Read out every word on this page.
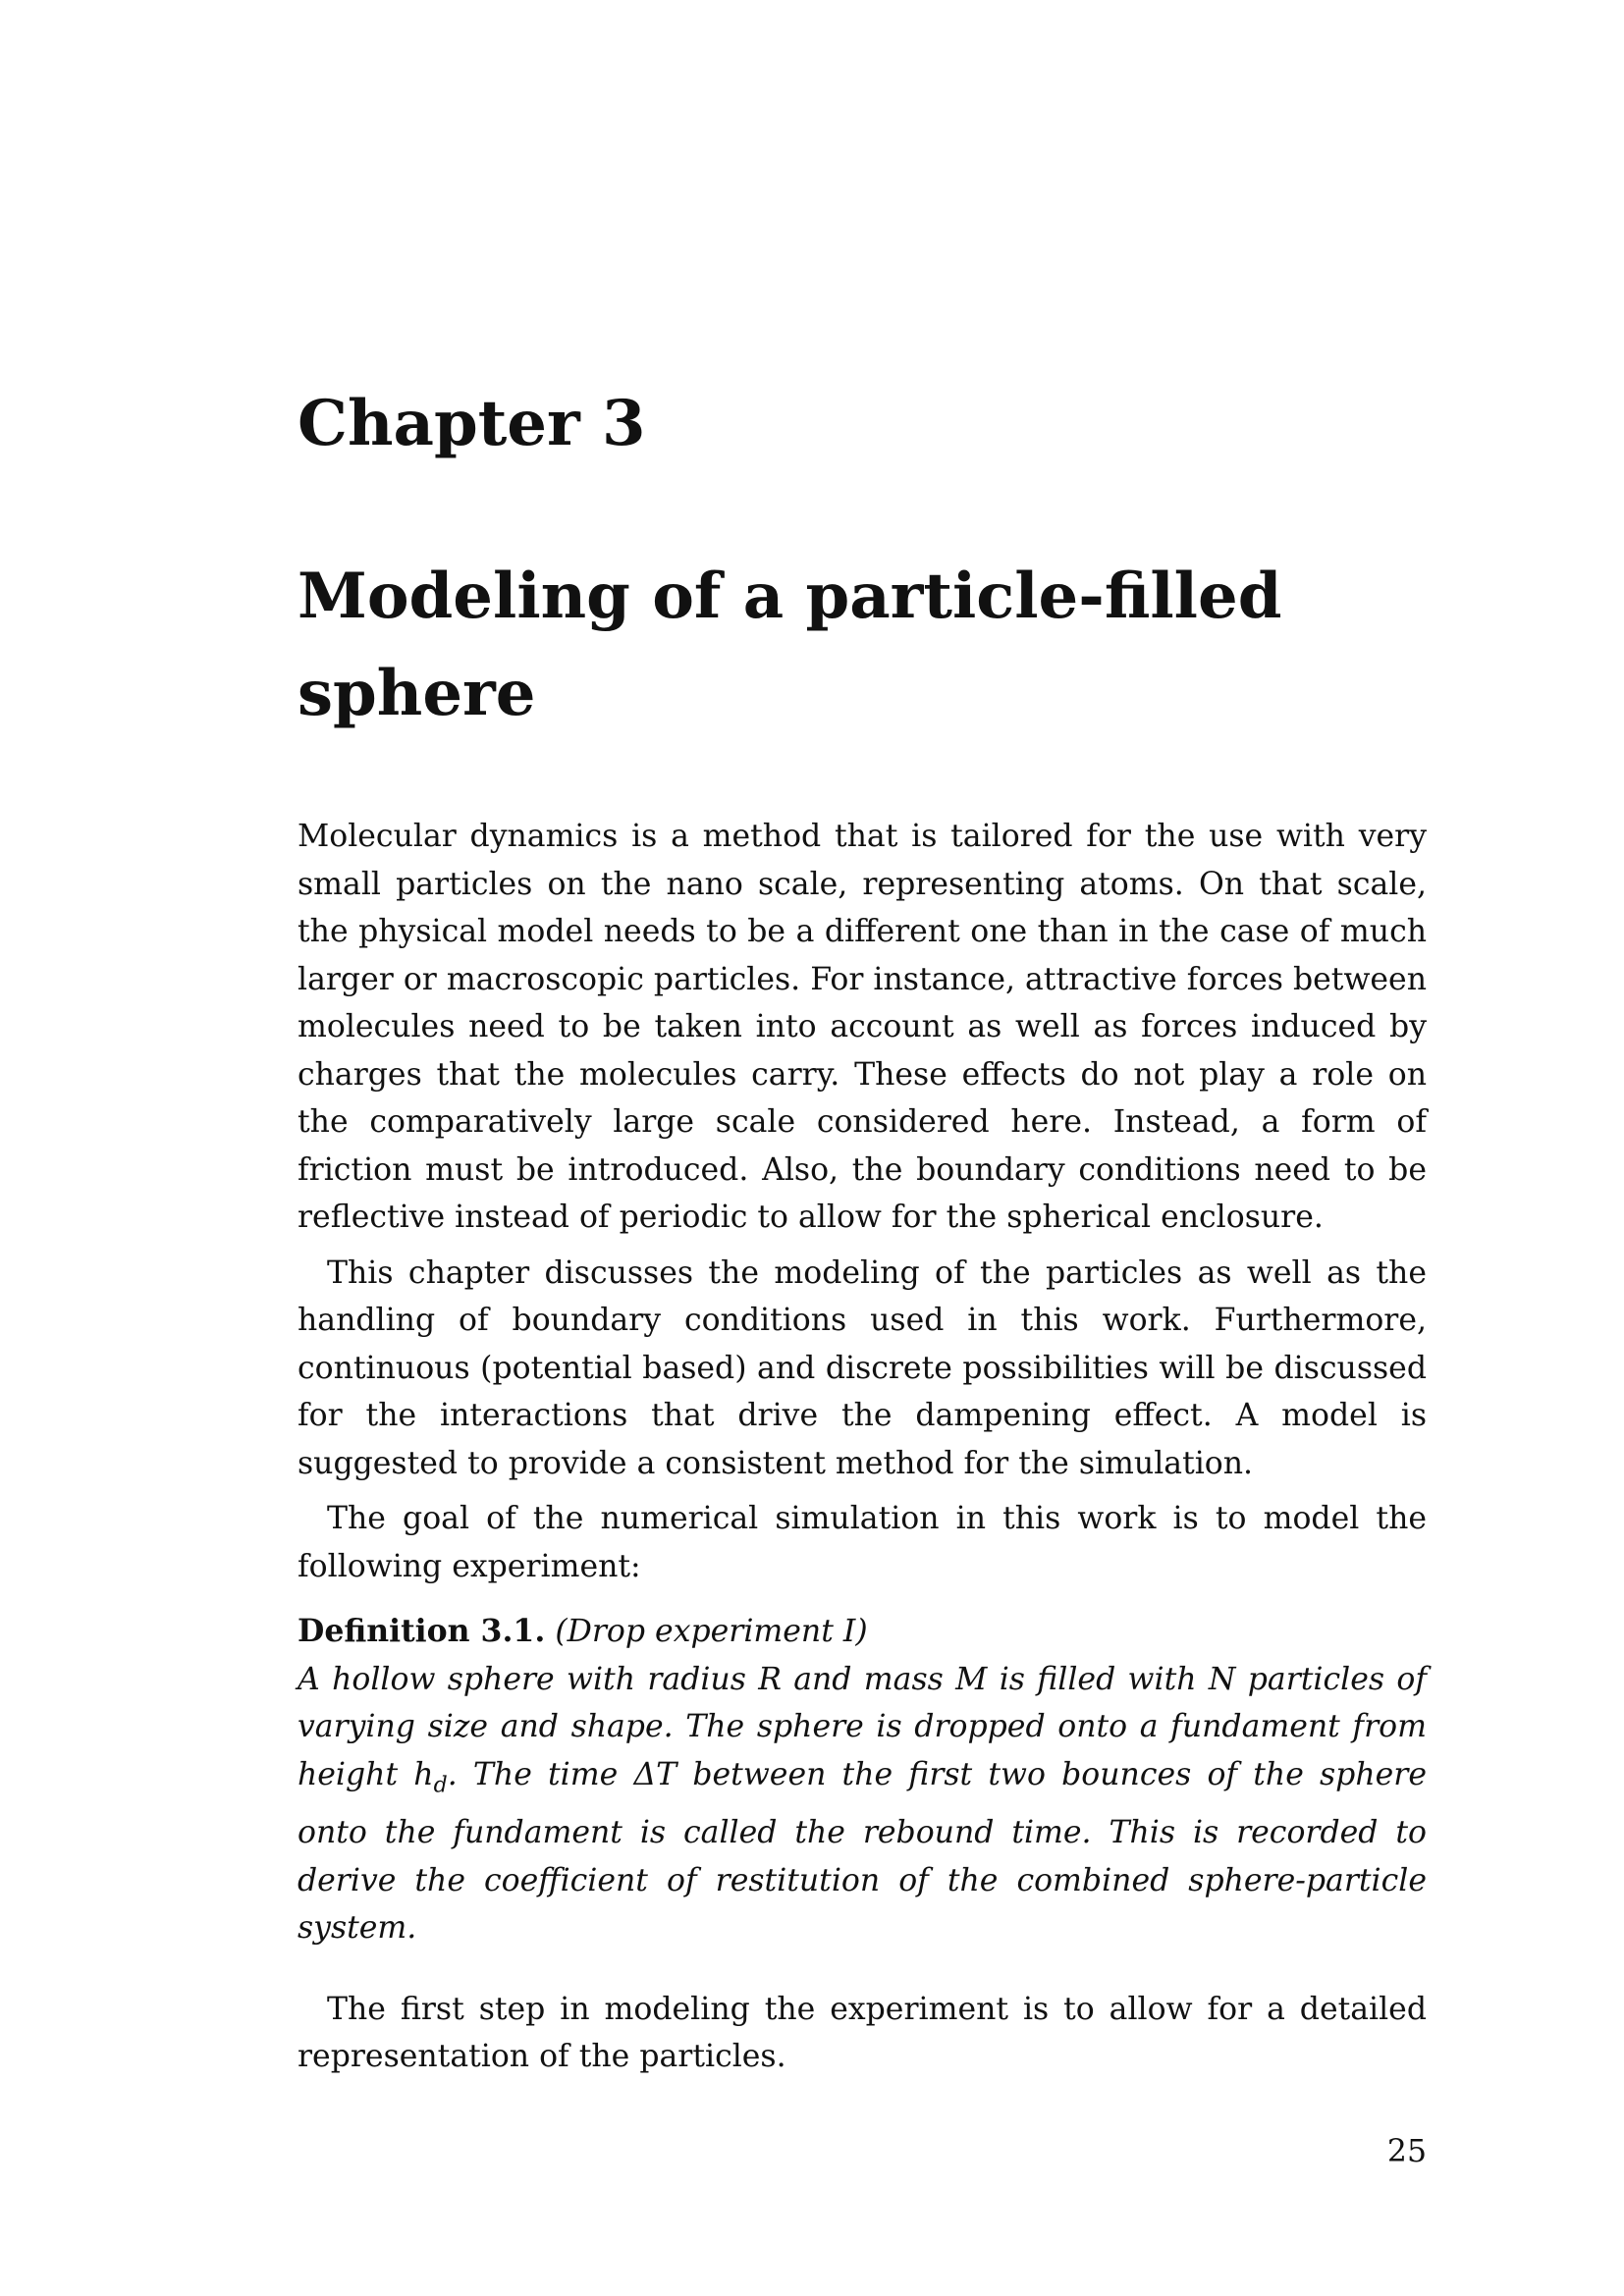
Chapter 3
Modeling of a particle-filled sphere

Molecular dynamics is a method that is tailored for the use with very small particles on the nano scale, representing atoms. On that scale, the physical model needs to be a different one than in the case of much larger or macroscopic particles. For instance, attractive forces between molecules need to be taken into account as well as forces induced by charges that the molecules carry. These effects do not play a role on the comparatively large scale considered here. Instead, a form of friction must be introduced. Also, the boundary conditions need to be reflective instead of periodic to allow for the spherical enclosure.

This chapter discusses the modeling of the particles as well as the handling of boundary conditions used in this work. Furthermore, continuous (potential based) and discrete possibilities will be discussed for the interactions that drive the dampening effect. A model is suggested to provide a consistent method for the simulation.

The goal of the numerical simulation in this work is to model the following experiment:

Definition 3.1. (Drop experiment I)

A hollow sphere with radius R and mass M is filled with N particles of varying size and shape. The sphere is dropped onto a fundament from height $h_d$. The time ΔT between the first two bounces of the sphere onto the fundament is called the rebound time. This is recorded to derive the coefficient of restitution of the combined sphere-particle system.

The first step in modeling the experiment is to allow for a detailed representation of the particles.

25
